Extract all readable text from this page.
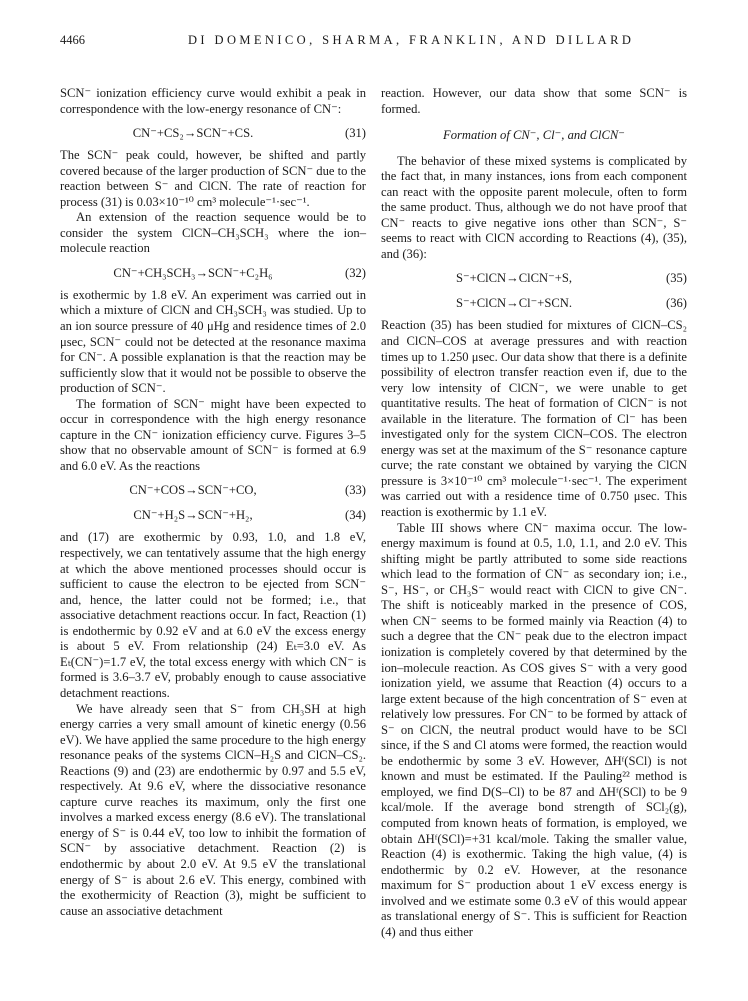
4466	DI DOMENICO, SHARMA, FRANKLIN, AND DILLARD

SCN⁻ ionization efficiency curve would exhibit a peak in correspondence with the low-energy resonance of CN⁻:

CN⁻+CS₂→SCN⁻+CS.	(31)

The SCN⁻ peak could, however, be shifted and partly covered because of the larger production of SCN⁻ due to the reaction between S⁻ and ClCN. The rate of reaction for process (31) is 0.03×10⁻¹⁰ cm³ molecule⁻¹·sec⁻¹.

An extension of the reaction sequence would be to consider the system ClCN–CH₃SCH₃ where the ion–molecule reaction

CN⁻+CH₃SCH₃→SCN⁻+C₂H₆	(32)

is exothermic by 1.8 eV. An experiment was carried out in which a mixture of ClCN and CH₃SCH₃ was studied. Up to an ion source pressure of 40 μHg and residence times of 2.0 μsec, SCN⁻ could not be detected at the resonance maxima for CN⁻. A possible explanation is that the reaction may be sufficiently slow that it would not be possible to observe the production of SCN⁻.

The formation of SCN⁻ might have been expected to occur in correspondence with the high energy resonance capture in the CN⁻ ionization efficiency curve. Figures 3–5 show that no observable amount of SCN⁻ is formed at 6.9 and 6.0 eV. As the reactions

CN⁻+COS→SCN⁻+CO,	(33)
CN⁻+H₂S→SCN⁻+H₂,	(34)

and (17) are exothermic by 0.93, 1.0, and 1.8 eV, respectively, we can tentatively assume that the high energy at which the above mentioned processes should occur is sufficient to cause the electron to be ejected from SCN⁻ and, hence, the latter could not be formed; i.e., that associative detachment reactions occur. In fact, Reaction (1) is endothermic by 0.92 eV and at 6.0 eV the excess energy is about 5 eV. From relationship (24) Eₜ=3.0 eV. As Eₜ(CN⁻)=1.7 eV, the total excess energy with which CN⁻ is formed is 3.6–3.7 eV, probably enough to cause associative detachment reactions.

We have already seen that S⁻ from CH₃SH at high energy carries a very small amount of kinetic energy (0.56 eV). We have applied the same procedure to the high energy resonance peaks of the systems ClCN–H₂S and ClCN–CS₂. Reactions (9) and (23) are endothermic by 0.97 and 5.5 eV, respectively. At 9.6 eV, where the dissociative resonance capture curve reaches its maximum, only the first one involves a marked excess energy (8.6 eV). The translational energy of S⁻ is 0.44 eV, too low to inhibit the formation of SCN⁻ by associative detachment. Reaction (2) is endothermic by about 2.0 eV. At 9.5 eV the translational energy of S⁻ is about 2.6 eV. This energy, combined with the exothermicity of Reaction (3), might be sufficient to cause an associative detachment

reaction. However, our data show that some SCN⁻ is formed.

Formation of CN⁻, Cl⁻, and ClCN⁻

The behavior of these mixed systems is complicated by the fact that, in many instances, ions from each component can react with the opposite parent molecule, often to form the same product. Thus, although we do not have proof that CN⁻ reacts to give negative ions other than SCN⁻, S⁻ seems to react with ClCN according to Reactions (4), (35), and (36):

S⁻+ClCN→ClCN⁻+S,	(35)
S⁻+ClCN→Cl⁻+SCN.	(36)

Reaction (35) has been studied for mixtures of ClCN–CS₂ and ClCN–COS at average pressures and with reaction times up to 1.250 μsec. Our data show that there is a definite possibility of electron transfer reaction even if, due to the very low intensity of ClCN⁻, we were unable to get quantitative results. The heat of formation of ClCN⁻ is not available in the literature. The formation of Cl⁻ has been investigated only for the system ClCN–COS. The electron energy was set at the maximum of the S⁻ resonance capture curve; the rate constant we obtained by varying the ClCN pressure is 3×10⁻¹⁰ cm³ molecule⁻¹·sec⁻¹. The experiment was carried out with a residence time of 0.750 μsec. This reaction is exothermic by 1.1 eV.

Table III shows where CN⁻ maxima occur. The low-energy maximum is found at 0.5, 1.0, 1.1, and 2.0 eV. This shifting might be partly attributed to some side reactions which lead to the formation of CN⁻ as secondary ion; i.e., S⁻, HS⁻, or CH₃S⁻ would react with ClCN to give CN⁻. The shift is noticeably marked in the presence of COS, when CN⁻ seems to be formed mainly via Reaction (4) to such a degree that the CN⁻ peak due to the electron impact ionization is completely covered by that determined by the ion–molecule reaction. As COS gives S⁻ with a very good ionization yield, we assume that Reaction (4) occurs to a large extent because of the high concentration of S⁻ even at relatively low pressures. For CN⁻ to be formed by attack of S⁻ on ClCN, the neutral product would have to be SCl since, if the S and Cl atoms were formed, the reaction would be endothermic by some 3 eV. However, ΔHᶠ(SCl) is not known and must be estimated. If the Pauling²² method is employed, we find D(S–Cl) to be 87 and ΔHᶠ(SCl) to be 9 kcal/mole. If the average bond strength of SCl₂(g), computed from known heats of formation, is employed, we obtain ΔHᶠ(SCl)=+31 kcal/mole. Taking the smaller value, Reaction (4) is exothermic. Taking the high value, (4) is endothermic by 0.2 eV. However, at the resonance maximum for S⁻ production about 1 eV excess energy is involved and we estimate some 0.3 eV of this would appear as translational energy of S⁻. This is sufficient for Reaction (4) and thus either
